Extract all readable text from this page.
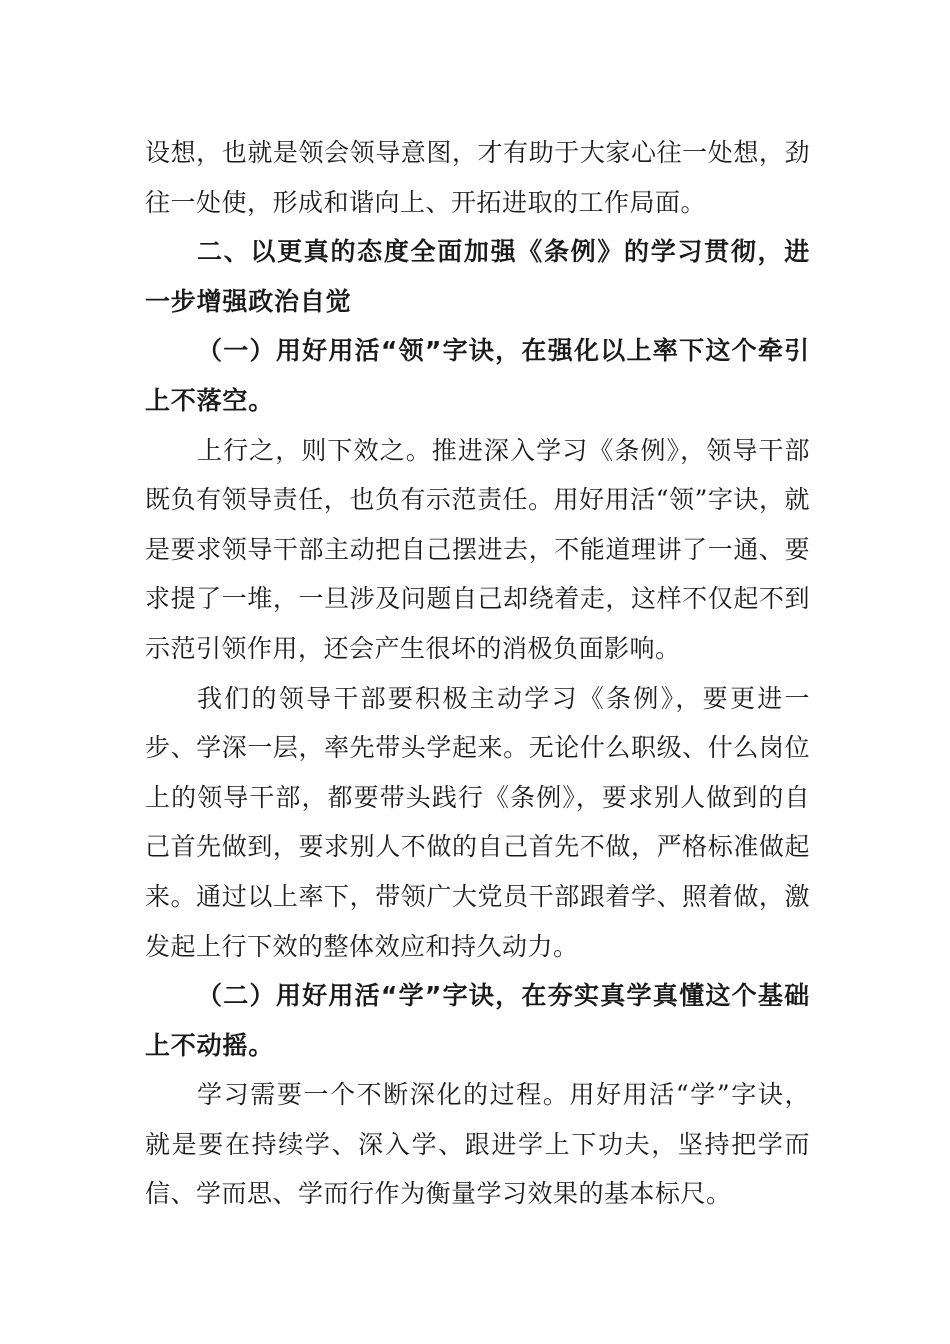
设想，也就是领会领导意图，才有助于大家心往一处想，劲往一处使，形成和谐向上、开拓进取的工作局面。

二、以更真的态度全面加强《条例》的学习贯彻，进一步增强政治自觉

（一）用好用活“领”字诀，在强化以上率下这个牵引上不落空。

上行之，则下效之。推进深入学习《条例》，领导干部既负有领导责任，也负有示范责任。用好用活“领”字诀，就是要求领导干部主动把自己摆进去，不能道理讲了一通、要求提了一堆，一旦涉及问题自己却绕着走，这样不仅起不到示范引领作用，还会产生很坏的消极负面影响。

我们的领导干部要积极主动学习《条例》，要更进一步、学深一层，率先带头学起来。无论什么职级、什么岗位上的领导干部，都要带头践行《条例》，要求别人做到的自己首先做到，要求别人不做的自己首先不做，严格标准做起来。通过以上率下，带领广大党员干部跟着学、照着做，激发起上行下效的整体效应和持久动力。

（二）用好用活“学”字诀，在夯实真学真懂这个基础上不动摇。

学习需要一个不断深化的过程。用好用活“学”字诀，就是要在持续学、深入学、跟进学上下功夫，坚持把学而信、学而思、学而行作为衡量学习效果的基本标尺。
